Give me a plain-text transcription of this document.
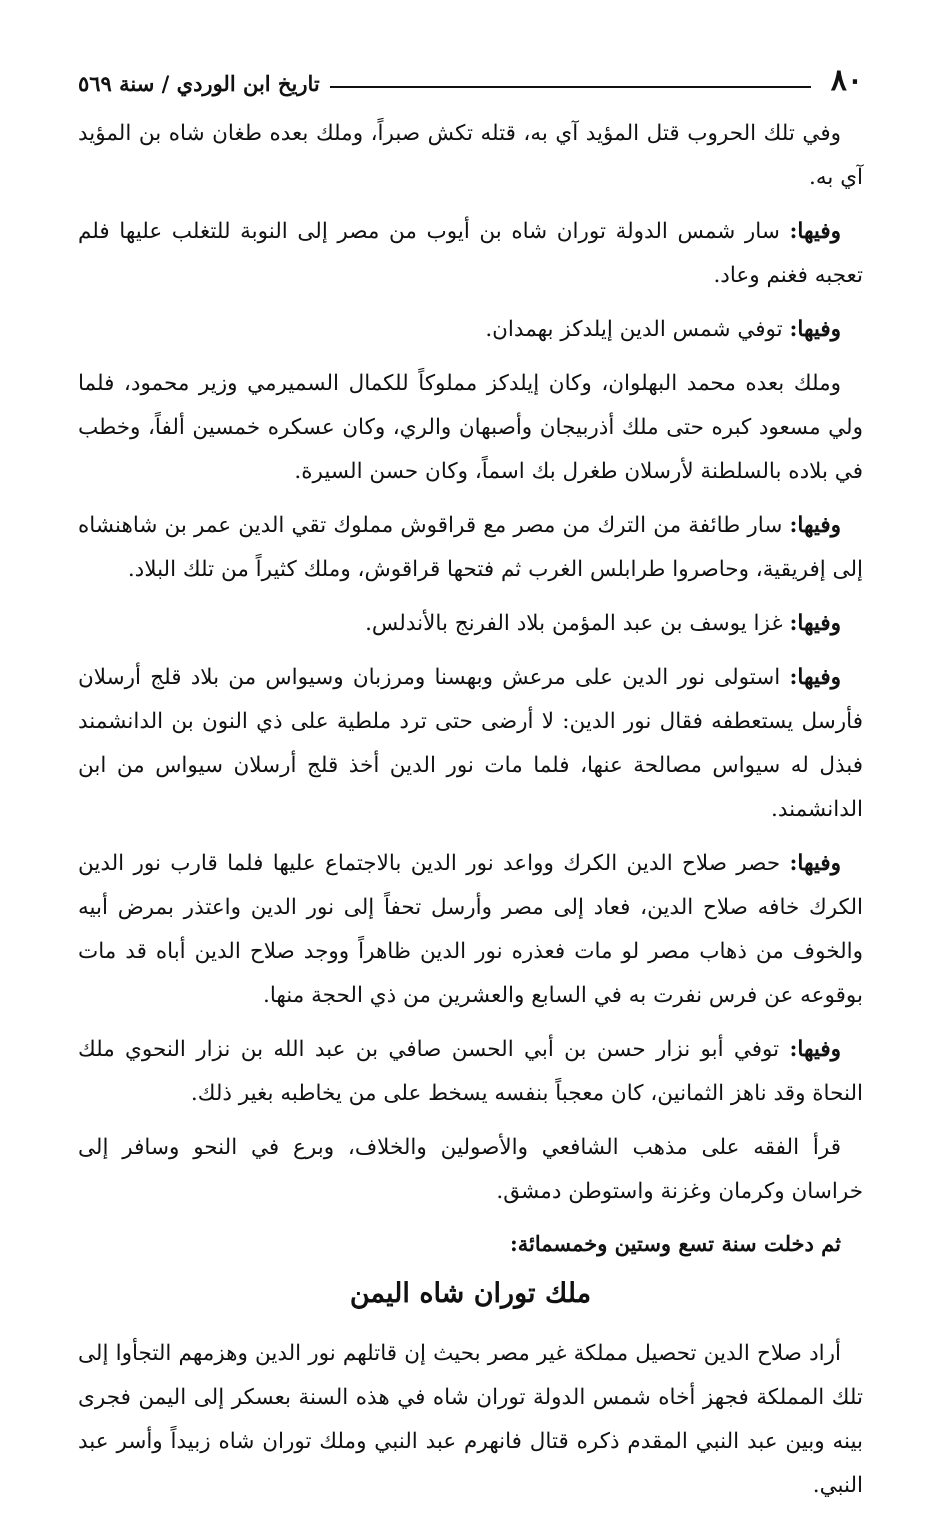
٨٠
تاريخ ابن الوردي / سنة ٥٦٩

وفي تلك الحروب قتل المؤيد آي به، قتله تكش صبراً، وملك بعده طغان شاه بن المؤيد آي به.

وفيها: سار شمس الدولة توران شاه بن أيوب من مصر إلى النوبة للتغلب عليها فلم تعجبه فغنم وعاد.

وفيها: توفي شمس الدين إيلدكز بهمدان.

وملك بعده محمد البهلوان، وكان إيلدكز مملوكاً للكمال السميرمي وزير محمود، فلما ولي مسعود كبره حتى ملك أذربيجان وأصبهان والري، وكان عسكره خمسين ألفاً، وخطب في بلاده بالسلطنة لأرسلان طغرل بك اسماً، وكان حسن السيرة.

وفيها: سار طائفة من الترك من مصر مع قراقوش مملوك تقي الدين عمر بن شاهنشاه إلى إفريقية، وحاصروا طرابلس الغرب ثم فتحها قراقوش، وملك كثيراً من تلك البلاد.

وفيها: غزا يوسف بن عبد المؤمن بلاد الفرنج بالأندلس.

وفيها: استولى نور الدين على مرعش وبهسنا ومرزبان وسيواس من بلاد قلج أرسلان فأرسل يستعطفه فقال نور الدين: لا أرضى حتى ترد ملطية على ذي النون بن الدانشمند فبذل له سيواس مصالحة عنها، فلما مات نور الدين أخذ قلج أرسلان سيواس من ابن الدانشمند.

وفيها: حصر صلاح الدين الكرك وواعد نور الدين بالاجتماع عليها فلما قارب نور الدين الكرك خافه صلاح الدين، فعاد إلى مصر وأرسل تحفاً إلى نور الدين واعتذر بمرض أبيه والخوف من ذهاب مصر لو مات فعذره نور الدين ظاهراً ووجد صلاح الدين أباه قد مات بوقوعه عن فرس نفرت به في السابع والعشرين من ذي الحجة منها.

وفيها: توفي أبو نزار حسن بن أبي الحسن صافي بن عبد الله بن نزار النحوي ملك النحاة وقد ناهز الثمانين، كان معجباً بنفسه يسخط على من يخاطبه بغير ذلك.

قرأ الفقه على مذهب الشافعي والأصولين والخلاف، وبرع في النحو وسافر إلى خراسان وكرمان وغزنة واستوطن دمشق.

ثم دخلت سنة تسع وستين وخمسمائة:
ملك توران شاه اليمن

أراد صلاح الدين تحصيل مملكة غير مصر بحيث إن قاتلهم نور الدين وهزمهم التجأوا إلى تلك المملكة فجهز أخاه شمس الدولة توران شاه في هذه السنة بعسكر إلى اليمن فجرى بينه وبين عبد النبي المقدم ذكره قتال فانهرم عبد النبي وملك توران شاه زبيداً وأسر عبد النبي.
